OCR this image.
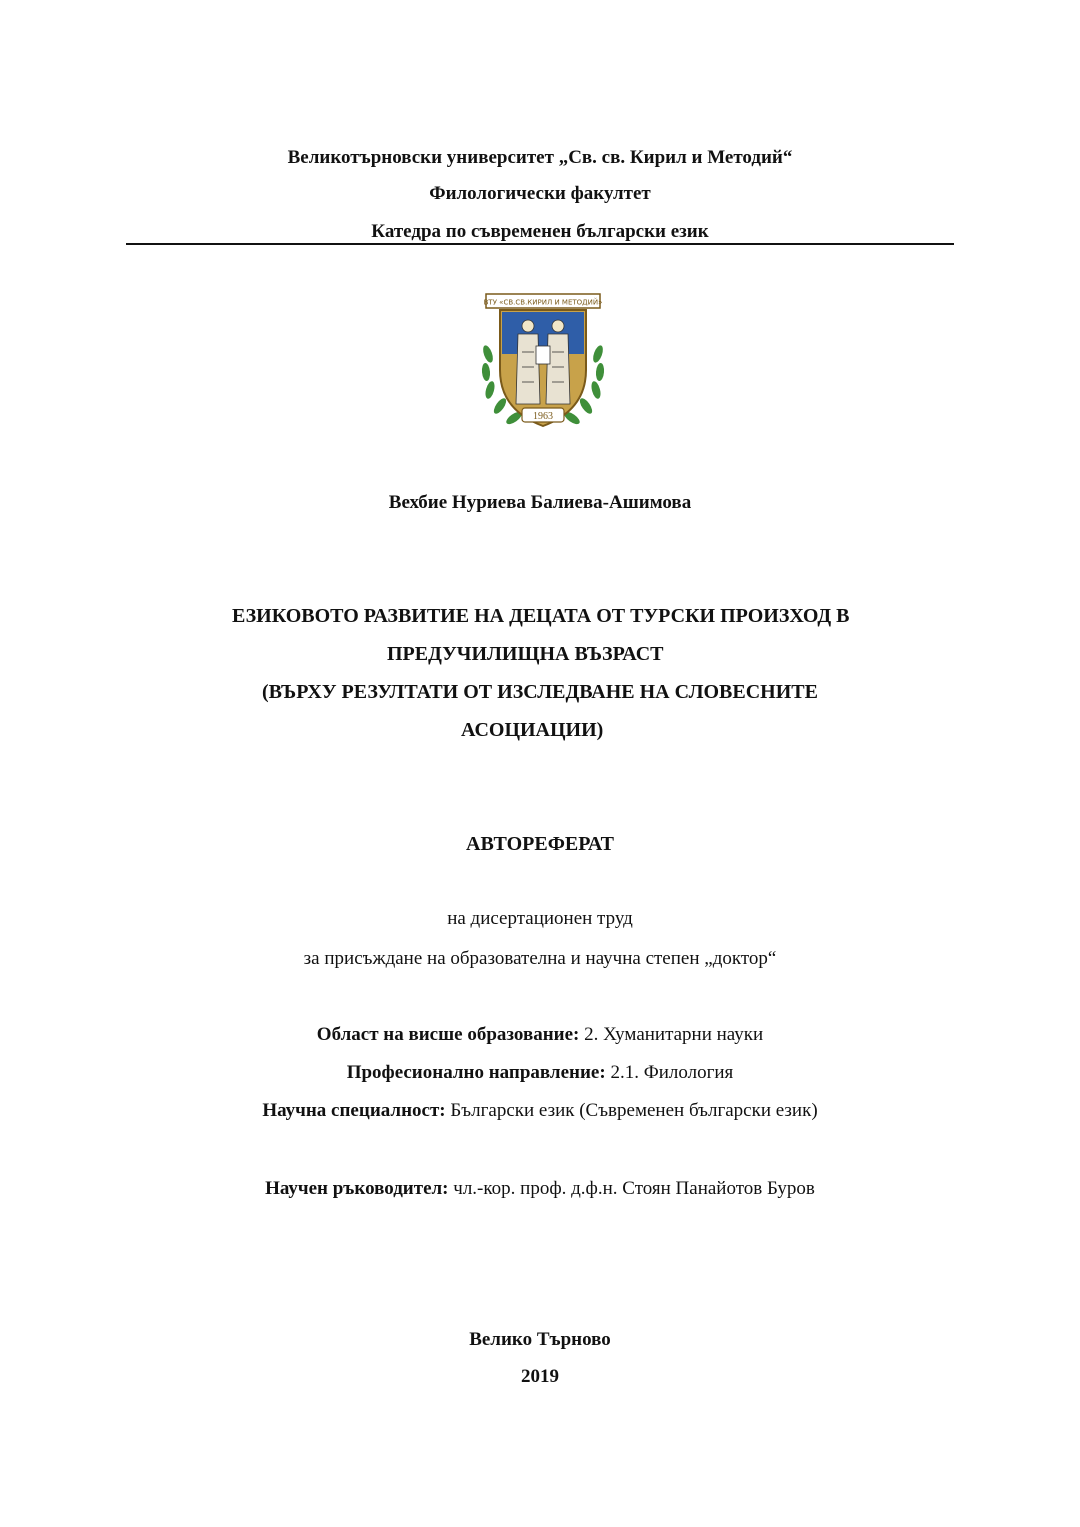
Великотърновски университет „Св. св. Кирил и Методий“
Филологически факултет
Катедра по съвременен български език
ВТУ «СВ.СВ.КИРИЛ И МЕТОДИЙ»
1963
Вехбие Нуриева Балиева-Ашимова
ЕЗИКОВОТО РАЗВИТИЕ НА ДЕЦАТА ОТ ТУРСКИ ПРОИЗХОД В
ПРЕДУЧИЛИЩНА ВЪЗРАСТ
(ВЪРХУ РЕЗУЛТАТИ ОТ ИЗСЛЕДВАНЕ НА СЛОВЕСНИТЕ
АСОЦИАЦИИ)
АВТОРЕФЕРАТ
на дисертационен труд
за присъждане на образователна и научна степен „доктор“
Област на висше образование: 2. Хуманитарни науки
Професионално направление: 2.1. Филология
Научна специалност: Български език (Съвременен български език)
Научен ръководител: чл.-кор. проф. д.ф.н. Стоян Панайотов Буров
Велико Търново
2019
